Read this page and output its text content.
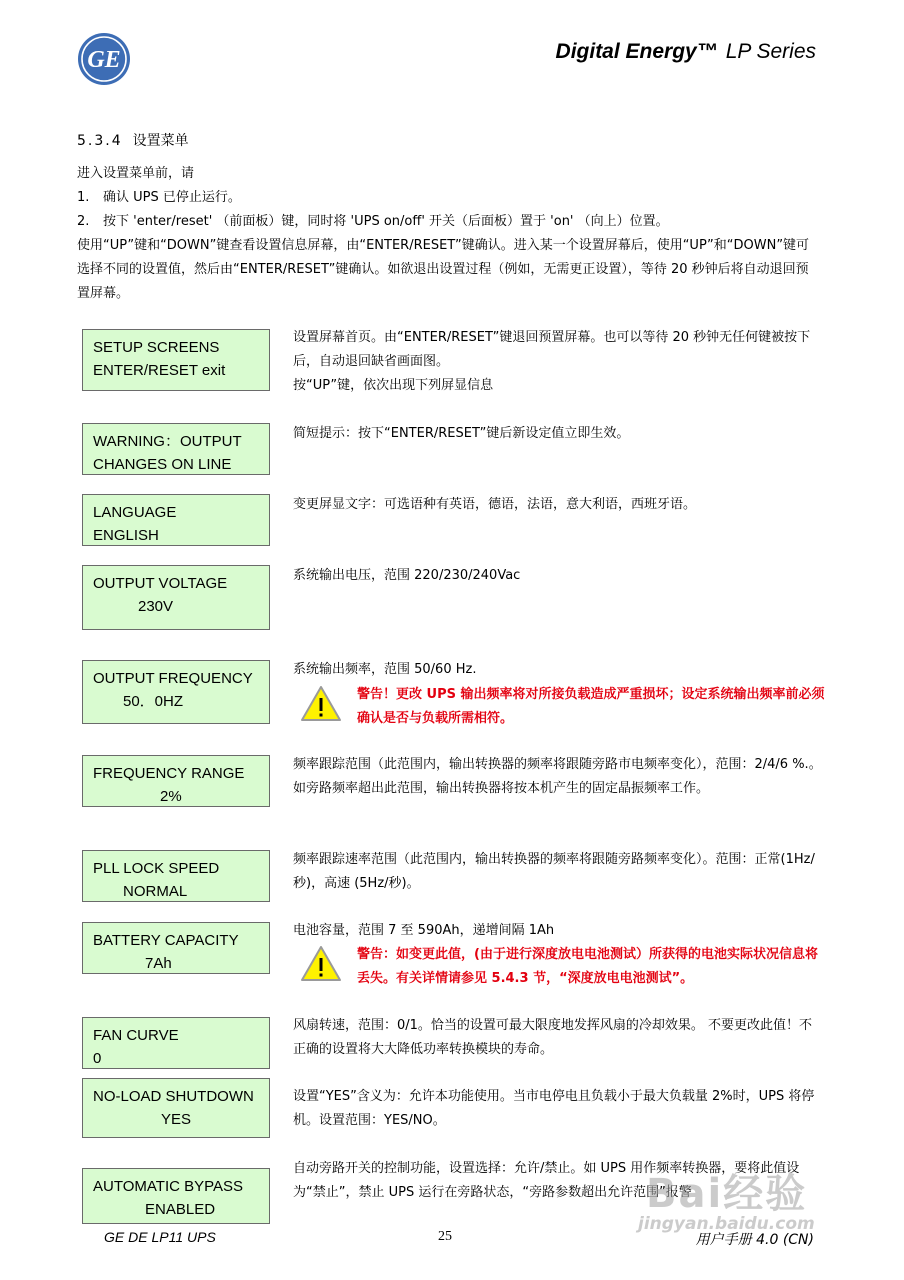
GE	Digital Energy™ LP Series
5.3.4 设置菜单

进入设置菜单前，请

1. 确认 UPS 已停止运行。

2. 按下 'enter/reset' （前面板）键，同时将 'UPS on/off' 开关（后面板）置于 'on' （向上）位置。

使用“UP”键和“DOWN”键查看设置信息屏幕，由“ENTER/RESET”键确认。进入某一个设置屏幕后，使用“UP”和“DOWN”键可选择不同的设置值，然后由“ENTER/RESET”键确认。如欲退出设置过程（例如，无需更正设置），等待 20 秒钟后将自动退回预置屏幕。

SETUP SCREENS
ENTER/RESET exit

设置屏幕首页。由“ENTER/RESET”键退回预置屏幕。也可以等待 20 秒钟无任何键被按下后，自动退回缺省画面图。

按“UP”键，依次出现下列屏显信息

WARNING：OUTPUT
CHANGES ON LINE

简短提示：按下“ENTER/RESET”键后新设定值立即生效。

LANGUAGE
ENGLISH

变更屏显文字：可选语种有英语，德语，法语，意大利语，西班牙语。

OUTPUT VOLTAGE
230V

系统输出电压，范围 220/230/240Vac

OUTPUT FREQUENCY
50．0HZ

系统输出频率，范围 50/60 Hz.

警告！更改 UPS 输出频率将对所接负载造成严重损坏；设定系统输出频率前必须确认是否与负载所需相符。

FREQUENCY RANGE
2%

频率跟踪范围（此范围内，输出转换器的频率将跟随旁路市电频率变化），范围：2/4/6 %.。

如旁路频率超出此范围，输出转换器将按本机产生的固定晶振频率工作。

PLL LOCK SPEED
NORMAL

频率跟踪速率范围（此范围内，输出转换器的频率将跟随旁路频率变化）。范围：正常(1Hz/秒)，高速 (5Hz/秒)。

BATTERY CAPACITY
7Ah

电池容量，范围 7 至 590Ah，递增间隔 1Ah

警告：如变更此值，(由于进行深度放电电池测试）所获得的电池实际状况信息将丢失。有关详情请参见 5.4.3 节，“深度放电电池测试”。

FAN CURVE
0

风扇转速，范围：0/1。恰当的设置可最大限度地发挥风扇的冷却效果。 不要更改此值！不正确的设置将大大降低功率转换模块的寿命。

NO-LOAD SHUTDOWN
YES

设置“YES”含义为：允许本功能使用。当市电停电且负载小于最大负载量 2%时，UPS 将停机。设置范围：YES/NO。

AUTOMATIC BYPASS
ENABLED

自动旁路开关的控制功能，设置选择：允许/禁止。如 UPS 用作频率转换器，要将此值设为“禁止”，禁止 UPS 运行在旁路状态，“旁路参数超出允许范围”报警

Bai经验
jingyan.baidu.com
GE DE LP11 UPS	25	用户手册 4.0 (CN)
